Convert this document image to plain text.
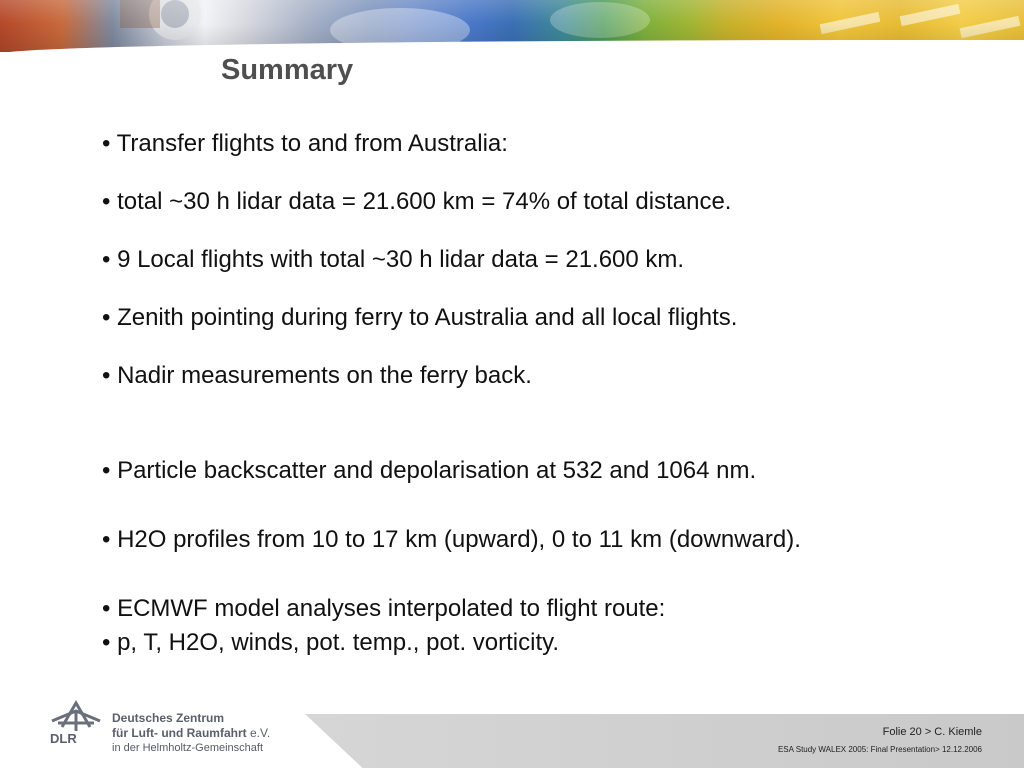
Summary
• Transfer flights to and from Australia:
• total ~30 h lidar data = 21.600 km = 74% of total distance.
• 9 Local flights with total ~30 h lidar data = 21.600 km.
• Zenith pointing during ferry to Australia and all local flights.
• Nadir measurements on the ferry back.
• Particle backscatter and depolarisation at 532 and 1064 nm.
• H2O profiles from 10 to 17 km (upward), 0 to 11 km (downward).
• ECMWF model analyses interpolated to flight route:
• p, T, H2O, winds, pot. temp., pot. vorticity.
DLR
Deutsches Zentrum
für Luft- und Raumfahrt e.V.
in der Helmholtz-Gemeinschaft
Folie 20 > C. Kiemle
ESA Study WALEX 2005: Final Presentation> 12.12.2006
